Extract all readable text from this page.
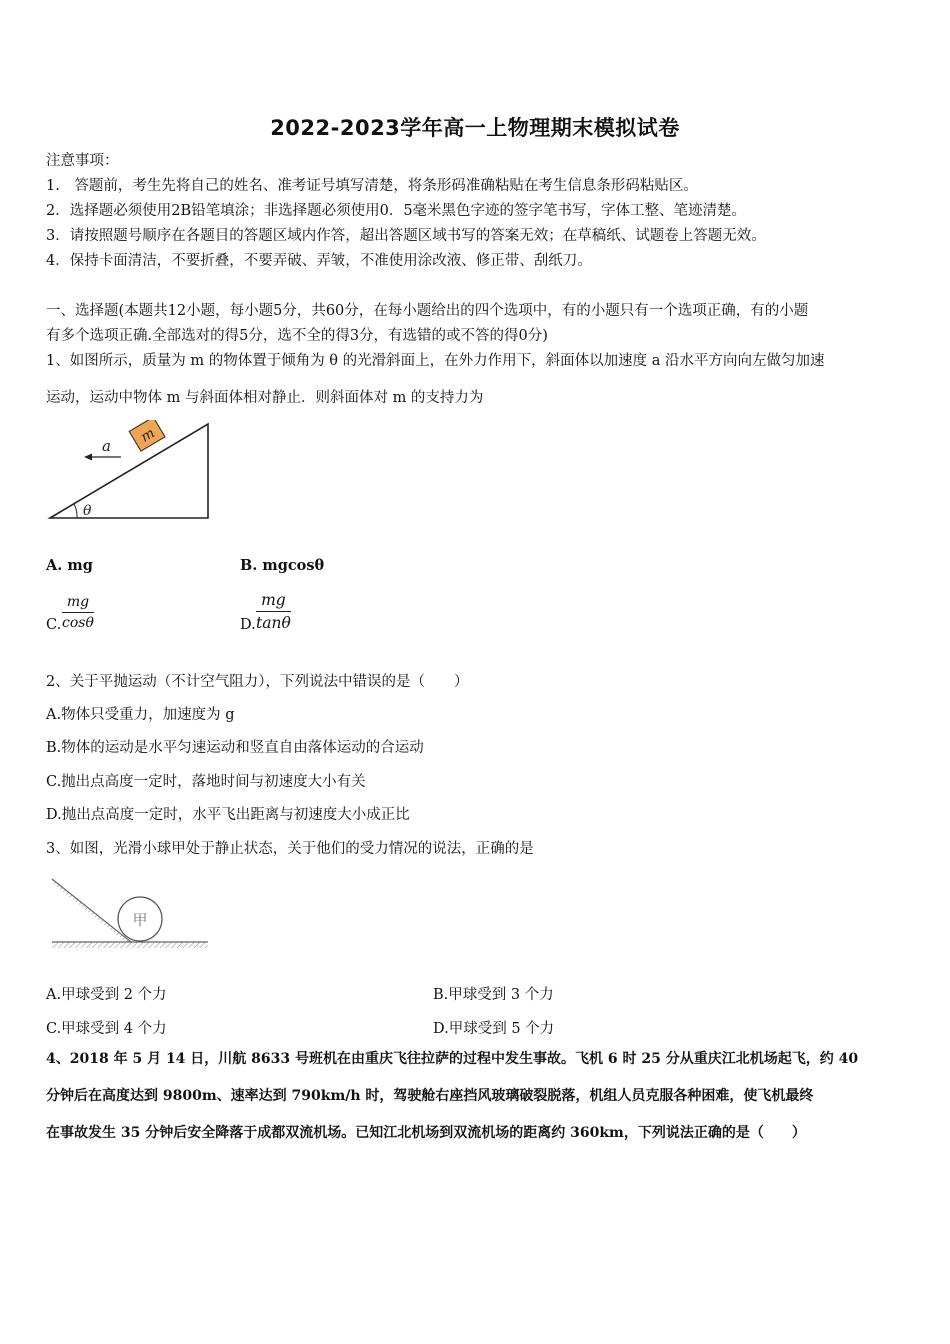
2022-2023学年高一上物理期末模拟试卷
注意事项：
1.　答题前，考生先将自己的姓名、准考证号填写清楚，将条形码准确粘贴在考生信息条形码粘贴区。
2．选择题必须使用2B铅笔填涂；非选择题必须使用0．5毫米黑色字迹的签字笔书写，字体工整、笔迹清楚。
3．请按照题号顺序在各题目的答题区域内作答，超出答题区域书写的答案无效；在草稿纸、试题卷上答题无效。
4．保持卡面清洁，不要折叠，不要弄破、弄皱，不准使用涂改液、修正带、刮纸刀。
一、选择题(本题共12小题，每小题5分，共60分，在每小题给出的四个选项中，有的小题只有一个选项正确，有的小题
有多个选项正确.全部选对的得5分，选不全的得3分，有选错的或不答的得0分)
1、如图所示，质量为 m 的物体置于倾角为 θ 的光滑斜面上，在外力作用下，斜面体以加速度 a 沿水平方向向左做匀加速
运动，运动中物体 m 与斜面体相对静止．则斜面体对 m 的支持力为
θ
m
a
A. mg	B. mgcosθ
C. $\frac{mg}{\cos\theta}$	D. $\frac{mg}{\tan\theta}$
2、关于平抛运动（不计空气阻力），下列说法中错误的是（　　）
A.物体只受重力，加速度为 g
B.物体的运动是水平匀速运动和竖直自由落体运动的合运动
C.抛出点高度一定时，落地时间与初速度大小有关
D.抛出点高度一定时，水平飞出距离与初速度大小成正比
3、如图，光滑小球甲处于静止状态，关于他们的受力情况的说法，正确的是
甲
A.甲球受到 2 个力	B.甲球受到 3 个力
C.甲球受到 4 个力	D.甲球受到 5 个力
4、2018 年 5 月 14 日，川航 8633 号班机在由重庆飞往拉萨的过程中发生事故。飞机 6 时 25 分从重庆江北机场起飞，约 40
分钟后在高度达到 9800m、速率达到 790km/h 时，驾驶舱右座挡风玻璃破裂脱落，机组人员克服各种困难，使飞机最终
在事故发生 35 分钟后安全降落于成都双流机场。已知江北机场到双流机场的距离约 360km，下列说法正确的是（　　）
